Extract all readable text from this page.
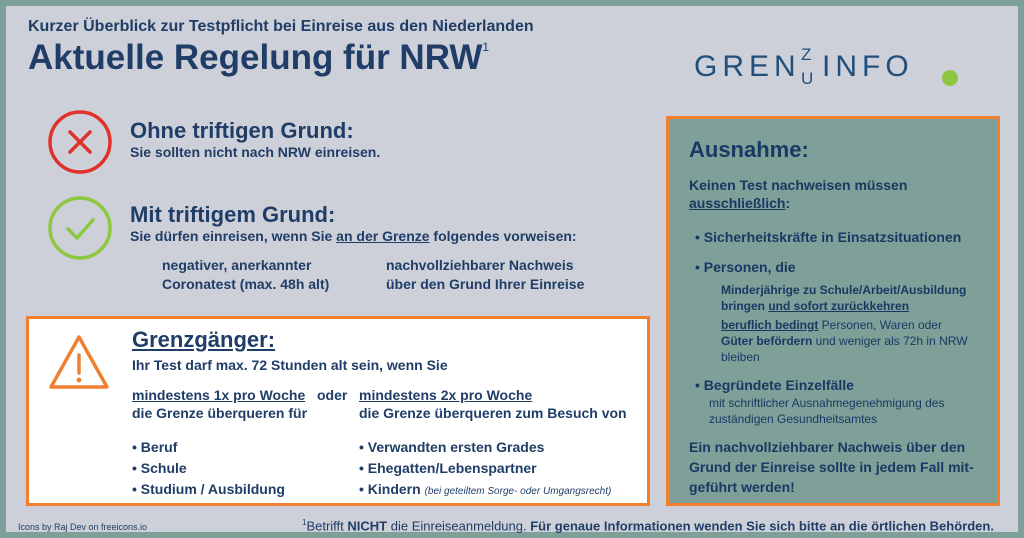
Kurzer Überblick zur Testpflicht bei Einreise aus den Niederlanden
Aktuelle Regelung für NRW$^1$
GREN Z
U INFO
Ohne triftigen Grund:
Sie sollten nicht nach NRW einreisen.
Mit triftigem Grund:
Sie dürfen einreisen, wenn Sie an der Grenze folgendes vorweisen:
negativer, anerkannter
Coronatest (max. 48h alt)
nachvollziehbarer Nachweis
über den Grund Ihrer Einreise
Grenzgänger:
Ihr Test darf max. 72 Stunden alt sein, wenn Sie
mindestens 1x pro Woche
die Grenze überqueren für
oder mindestens 2x pro Woche
die Grenze überqueren zum Besuch von
• Beruf
• Schule
• Studium / Ausbildung
• Verwandten ersten Grades
• Ehegatten/Lebenspartner
• Kindern (bei geteiltem Sorge- oder Umgangsrecht)
Ausnahme:
Keinen Test nachweisen müssen
ausschließlich:
• Sicherheitskräfte in Einsatzsituationen
• Personen, die
Minderjährige zu Schule/Arbeit/Ausbildung
bringen und sofort zurückkehren
beruflich bedingt Personen, Waren oder
Güter befördern und weniger als 72h in NRW
bleiben
• Begründete Einzelfälle
mit schriftlicher Ausnahmegenehmigung des
zuständigen Gesundheitsamtes
Ein nachvollziehbarer Nachweis über den
Grund der Einreise sollte in jedem Fall mit-
geführt werden!
Icons by Raj Dev on freeicons.io	$^1$Betrifft NICHT die Einreiseanmeldung. Für genaue Informationen wenden Sie sich bitte an die örtlichen Behörden.
